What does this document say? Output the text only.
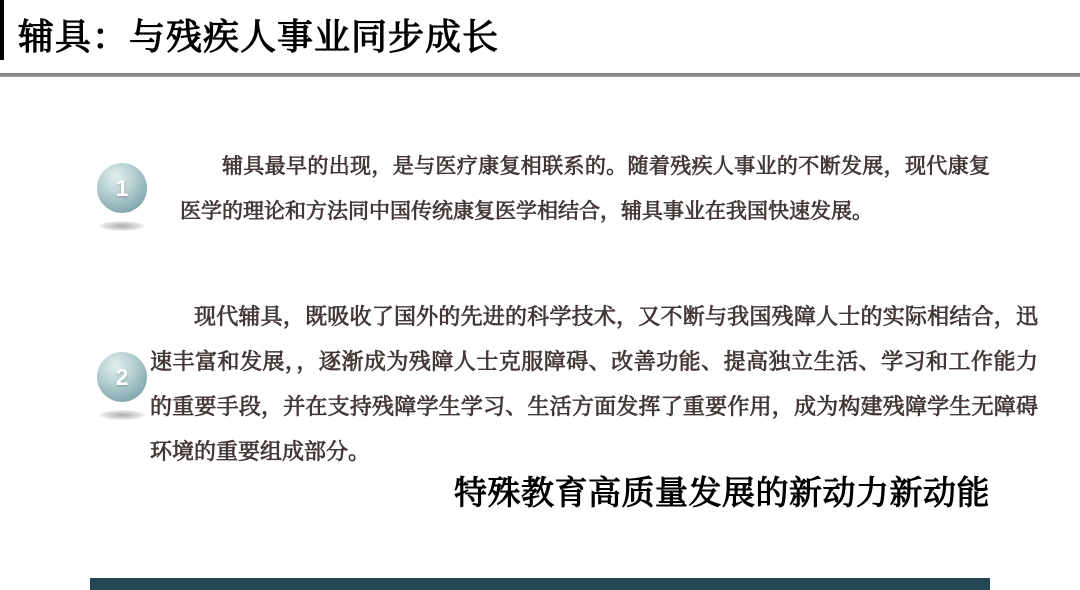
辅具：与残疾人事业同步成长
1
辅具最早的出现，是与医疗康复相联系的。随着残疾人事业的不断发展，现代康复医学的理论和方法同中国传统康复医学相结合，辅具事业在我国快速发展。
2
现代辅具，既吸收了国外的先进的科学技术，又不断与我国残障人士的实际相结合，迅速丰富和发展，，逐渐成为残障人士克服障碍、改善功能、提高独立生活、学习和工作能力的重要手段，并在支持残障学生学习、生活方面发挥了重要作用，成为构建残障学生无障碍环境的重要组成部分。
特殊教育高质量发展的新动力新动能
